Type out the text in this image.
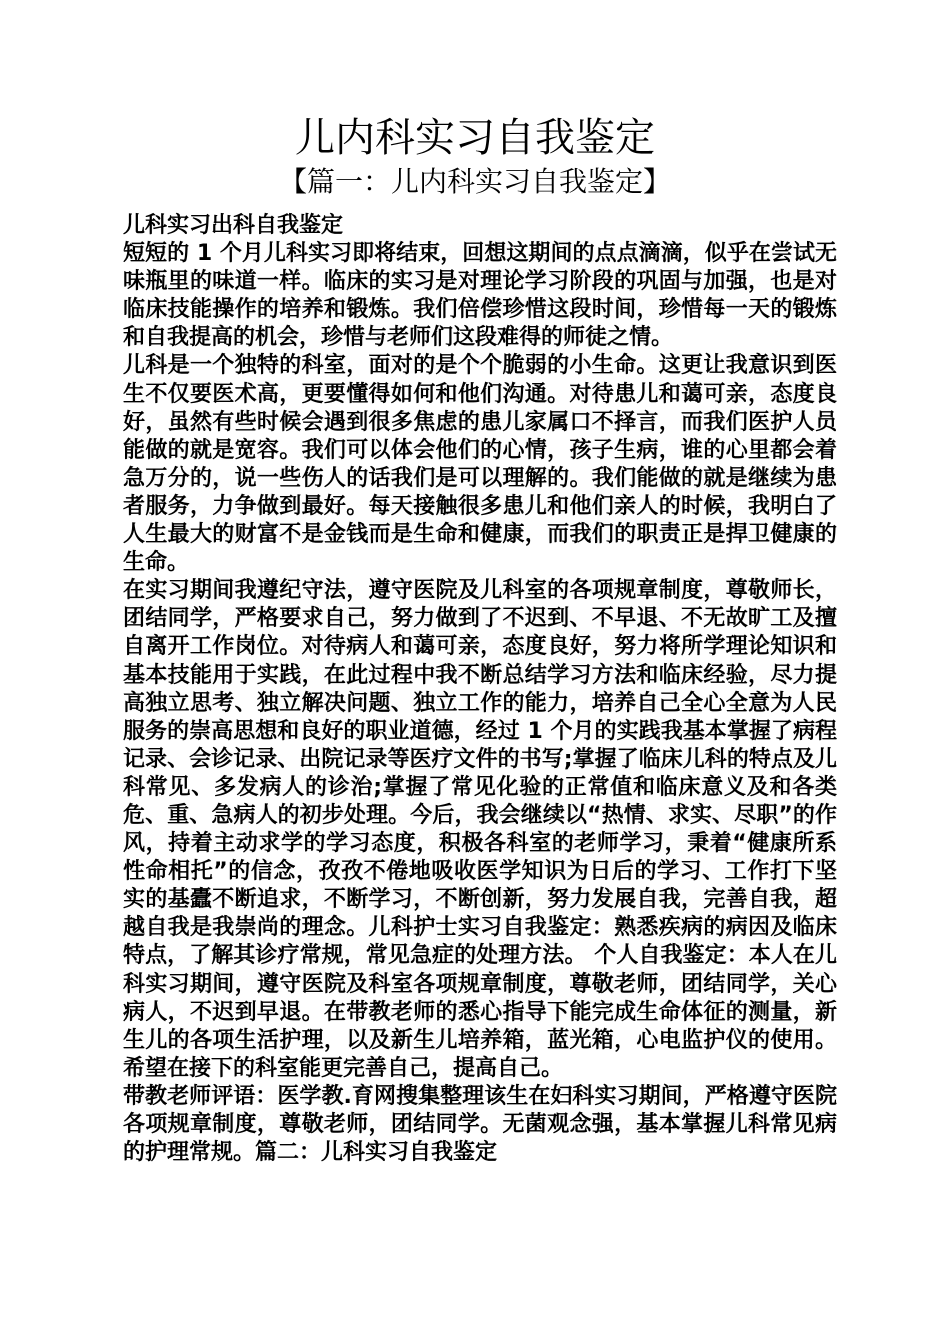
儿内科实习自我鉴定
【篇一：儿内科实习自我鉴定】

儿科实习出科自我鉴定

短短的 1 个月儿科实习即将结束，回想这期间的点点滴滴，似乎在尝试无味瓶里的味道一样。临床的实习是对理论学习阶段的巩固与加强，也是对临床技能操作的培养和锻炼。我们倍偿珍惜这段时间，珍惜每一天的锻炼和自我提高的机会，珍惜与老师们这段难得的师徒之情。

儿科是一个独特的科室，面对的是个个脆弱的小生命。这更让我意识到医生不仅要医术高，更要懂得如何和他们沟通。对待患儿和蔼可亲，态度良好，虽然有些时候会遇到很多焦虑的患儿家属口不择言，而我们医护人员能做的就是宽容。我们可以体会他们的心情，孩子生病，谁的心里都会着急万分的，说一些伤人的话我们是可以理解的。我们能做的就是继续为患者服务，力争做到最好。每天接触很多患儿和他们亲人的时候，我明白了人生最大的财富不是金钱而是生命和健康，而我们的职责正是捍卫健康的生命。

在实习期间我遵纪守法，遵守医院及儿科室的各项规章制度，尊敬师长，团结同学，严格要求自己，努力做到了不迟到、不早退、不无故旷工及擅自离开工作岗位。对待病人和蔼可亲，态度良好，努力将所学理论知识和基本技能用于实践，在此过程中我不断总结学习方法和临床经验，尽力提高独立思考、独立解决问题、独立工作的能力，培养自己全心全意为人民服务的崇高思想和良好的职业道德，经过 1 个月的实践我基本掌握了病程记录、会诊记录、出院记录等医疗文件的书写;掌握了临床儿科的特点及儿科常见、多发病人的诊治;掌握了常见化验的正常值和临床意义及和各类危、重、急病人的初步处理。今后，我会继续以“热情、求实、尽职”的作风，持着主动求学的学习态度，积极各科室的老师学习，秉着“健康所系性命相托”的信念，孜孜不倦地吸收医学知识为日后的学习、工作打下坚实的基蠹不断追求，不断学习，不断创新，努力发展自我，完善自我，超越自我是我崇尚的理念。儿科护士实习自我鉴定：熟悉疾病的病因及临床特点，了解其诊疗常规，常见急症的处理方法。 个人自我鉴定：本人在儿科实习期间，遵守医院及科室各项规章制度，尊敬老师，团结同学，关心病人，不迟到早退。在带教老师的悉心指导下能完成生命体征的测量，新生儿的各项生活护理，以及新生儿培养箱，蓝光箱，心电监护仪的使用。希望在接下的科室能更完善自己，提高自己。

带教老师评语：医学教.育网搜集整理该生在妇科实习期间，严格遵守医院各项规章制度，尊敬老师，团结同学。无菌观念强，基本掌握儿科常见病的护理常规。篇二：儿科实习自我鉴定
